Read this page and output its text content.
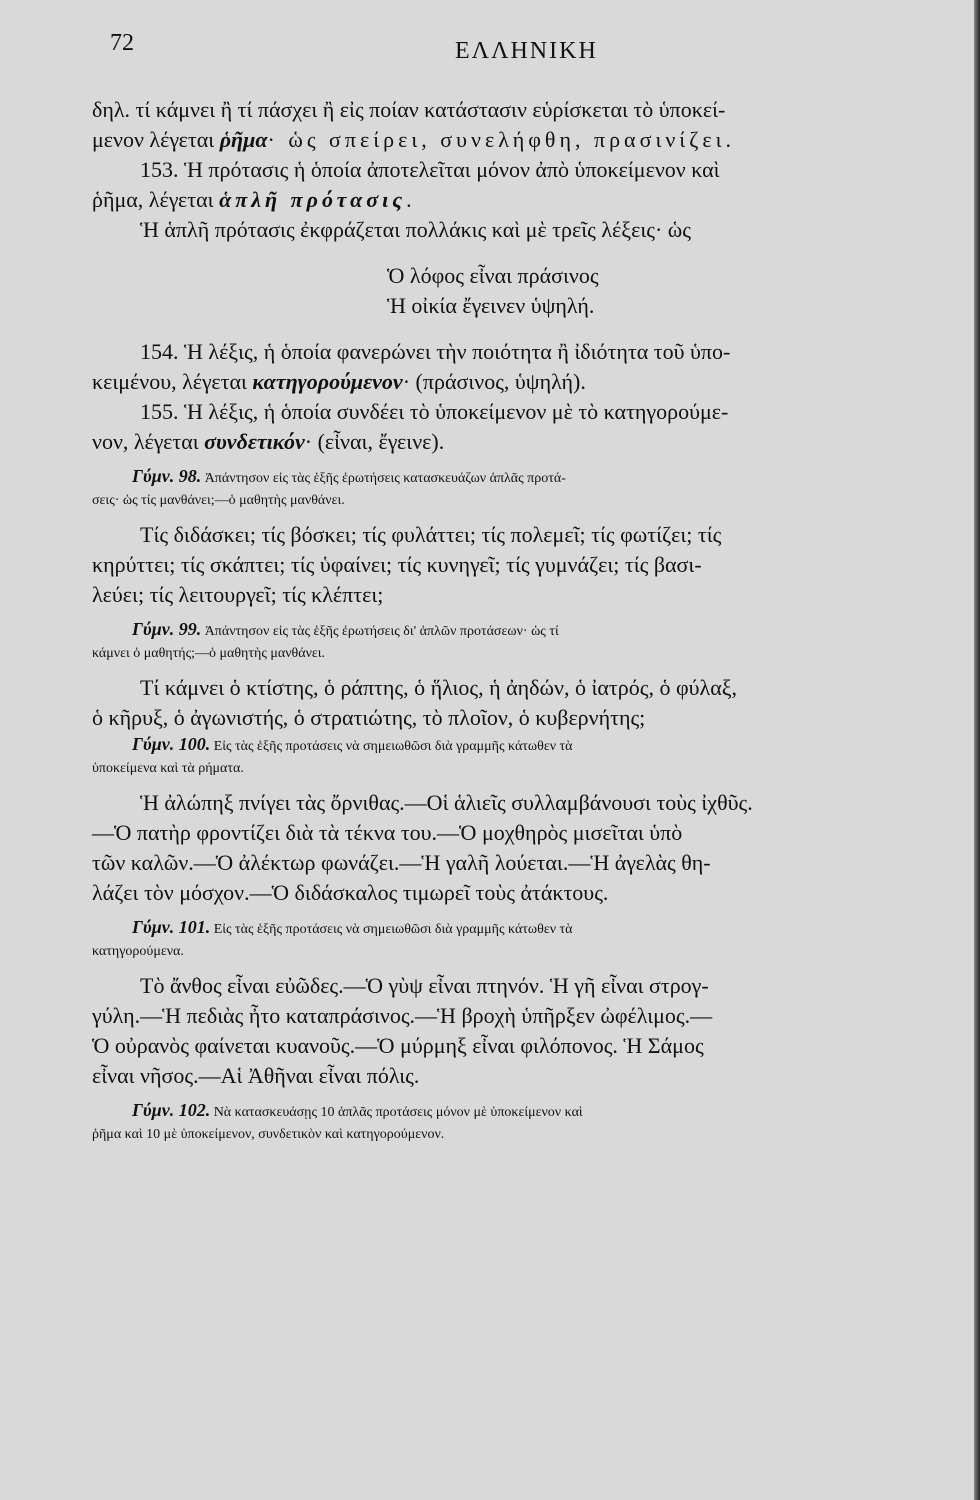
72	ΕΛΛΗΝΙΚΗ

δηλ. τί κάμνει ἢ τί πάσχει ἢ εἰς ποίαν κατάστασιν εὑρίσκεται τὸ ὑποκεί-

μενον λέγεται ῥῆμα· ὡς σπείρει, συνελήφθη, πρασινίζει.

153. Ἡ πρότασις ἡ ὁποία ἀποτελεῖται μόνον ἀπὸ ὑποκείμενον καὶ

ῥῆμα, λέγεται ἁπλῆ πρότασις.

Ἡ ἁπλῆ πρότασις ἐκφράζεται πολλάκις καὶ μὲ τρεῖς λέξεις· ὡς

Ὁ λόφος εἶναι πράσινος

Ἡ οἰκία ἔγεινεν ὑψηλή.

154. Ἡ λέξις, ἡ ὁποία φανερώνει τὴν ποιότητα ἢ ἰδιότητα τοῦ ὑπο-

κειμένου, λέγεται κατηγορούμενον· (πράσινος, ὑψηλή).

155. Ἡ λέξις, ἡ ὁποία συνδέει τὸ ὑποκείμενον μὲ τὸ κατηγορούμε-

νον, λέγεται συνδετικόν· (εἶναι, ἔγεινε).

Γύμν. 98. Ἀπάντησον εἰς τὰς ἑξῆς ἐρωτήσεις κατασκευάζων ἁπλᾶς προτά-

σεις· ὡς τίς μανθάνει;—ὁ μαθητὴς μανθάνει.

Τίς διδάσκει; τίς βόσκει; τίς φυλάττει; τίς πολεμεῖ; τίς φωτίζει; τίς

κηρύττει; τίς σκάπτει; τίς ὑφαίνει; τίς κυνηγεῖ; τίς γυμνάζει; τίς βασι-

λεύει; τίς λειτουργεῖ; τίς κλέπτει;

Γύμν. 99. Ἀπάντησον εἰς τὰς ἑξῆς ἐρωτήσεις δι' ἁπλῶν προτάσεων· ὡς τί

κάμνει ὁ μαθητής;—ὁ μαθητὴς μανθάνει.

Τί κάμνει ὁ κτίστης, ὁ ράπτης, ὁ ἥλιος, ἡ ἀηδών, ὁ ἰατρός, ὁ φύλαξ,

ὁ κῆρυξ, ὁ ἀγωνιστής, ὁ στρατιώτης, τὸ πλοῖον, ὁ κυβερνήτης;

Γύμν. 100. Εἰς τὰς ἑξῆς προτάσεις νὰ σημειωθῶσι διὰ γραμμῆς κάτωθεν τὰ

ὑποκείμενα καὶ τὰ ρήματα.

Ἡ ἀλώπηξ πνίγει τὰς ὄρνιθας.—Οἱ ἁλιεῖς συλλαμβάνουσι τοὺς ἰχθῦς.

—Ὁ πατὴρ φροντίζει διὰ τὰ τέκνα του.—Ὁ μοχθηρὸς μισεῖται ὑπὸ

τῶν καλῶν.—Ὁ ἀλέκτωρ φωνάζει.—Ἡ γαλῆ λούεται.—Ἡ ἀγελὰς θη-

λάζει τὸν μόσχον.—Ὁ διδάσκαλος τιμωρεῖ τοὺς ἀτάκτους.

Γύμν. 101. Εἰς τὰς ἑξῆς προτάσεις νὰ σημειωθῶσι διὰ γραμμῆς κάτωθεν τὰ

κατηγορούμενα.

Τὸ ἄνθος εἶναι εὐῶδες.—Ὁ γὺψ εἶναι πτηνόν. Ἡ γῆ εἶναι στρογ-

γύλη.—Ἡ πεδιὰς ἦτο καταπράσινος.—Ἡ βροχὴ ὑπῆρξεν ὠφέλιμος.—

Ὁ οὐρανὸς φαίνεται κυανοῦς.—Ὁ μύρμηξ εἶναι φιλόπονος. Ἡ Σάμος

εἶναι νῆσος.—Αἱ Ἀθῆναι εἶναι πόλις.

Γύμν. 102. Νὰ κατασκευάσῃς 10 ἁπλᾶς προτάσεις μόνον μὲ ὑποκείμενον καὶ

ῥῆμα καὶ 10 μὲ ὑποκείμενον, συνδετικὸν καὶ κατηγορούμενον.
